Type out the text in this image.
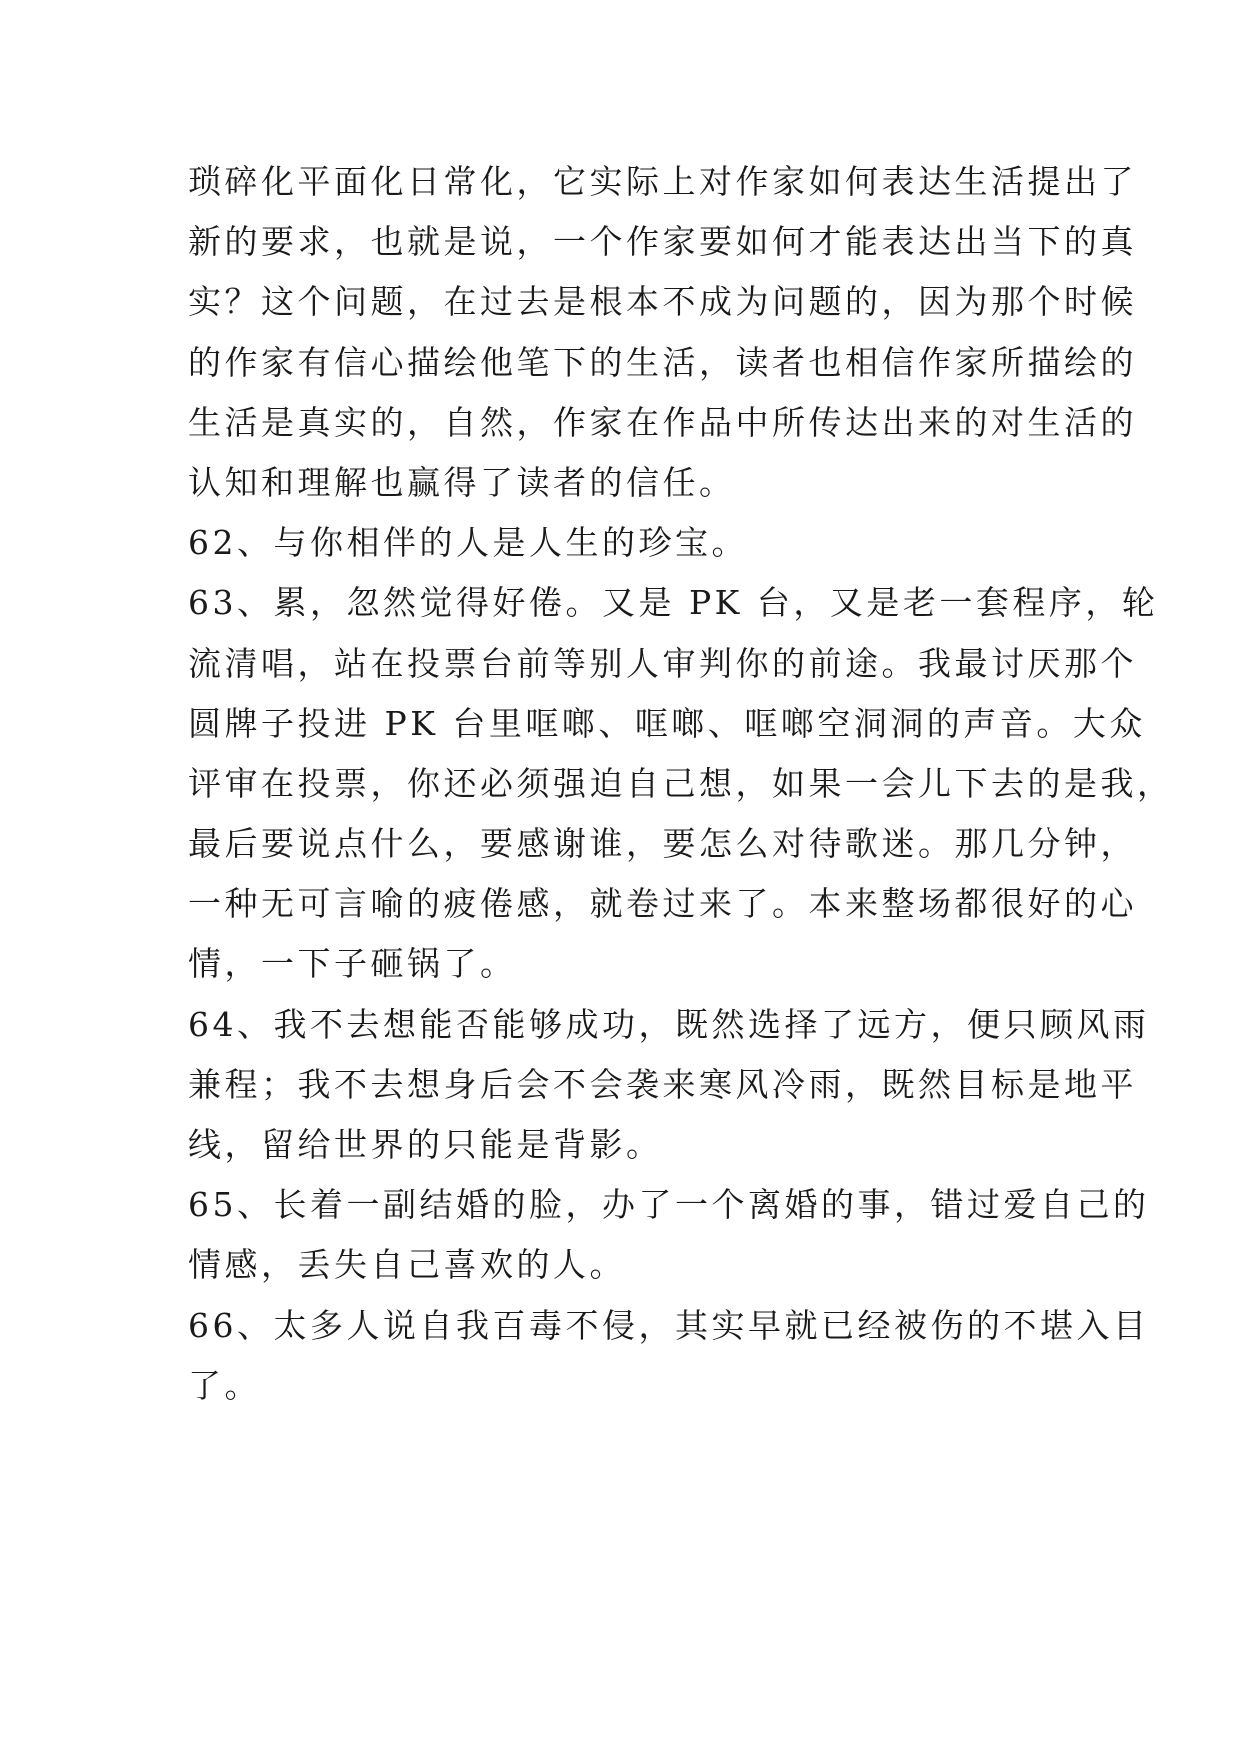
琐碎化平面化日常化，它实际上对作家如何表达生活提出了
新的要求，也就是说，一个作家要如何才能表达出当下的真
实？这个问题，在过去是根本不成为问题的，因为那个时候
的作家有信心描绘他笔下的生活，读者也相信作家所描绘的
生活是真实的，自然，作家在作品中所传达出来的对生活的
认知和理解也赢得了读者的信任。
62、与你相伴的人是人生的珍宝。
63、累，忽然觉得好倦。又是 PK 台，又是老一套程序，轮
流清唱，站在投票台前等别人审判你的前途。我最讨厌那个
圆牌子投进 PK 台里哐啷、哐啷、哐啷空洞洞的声音。大众
评审在投票，你还必须强迫自己想，如果一会儿下去的是我，
最后要说点什么，要感谢谁，要怎么对待歌迷。那几分钟，
一种无可言喻的疲倦感，就卷过来了。本来整场都很好的心
情，一下子砸锅了。
64、我不去想能否能够成功，既然选择了远方，便只顾风雨
兼程；我不去想身后会不会袭来寒风冷雨，既然目标是地平
线，留给世界的只能是背影。
65、长着一副结婚的脸，办了一个离婚的事，错过爱自己的
情感，丢失自己喜欢的人。
66、太多人说自我百毒不侵，其实早就已经被伤的不堪入目
了。
